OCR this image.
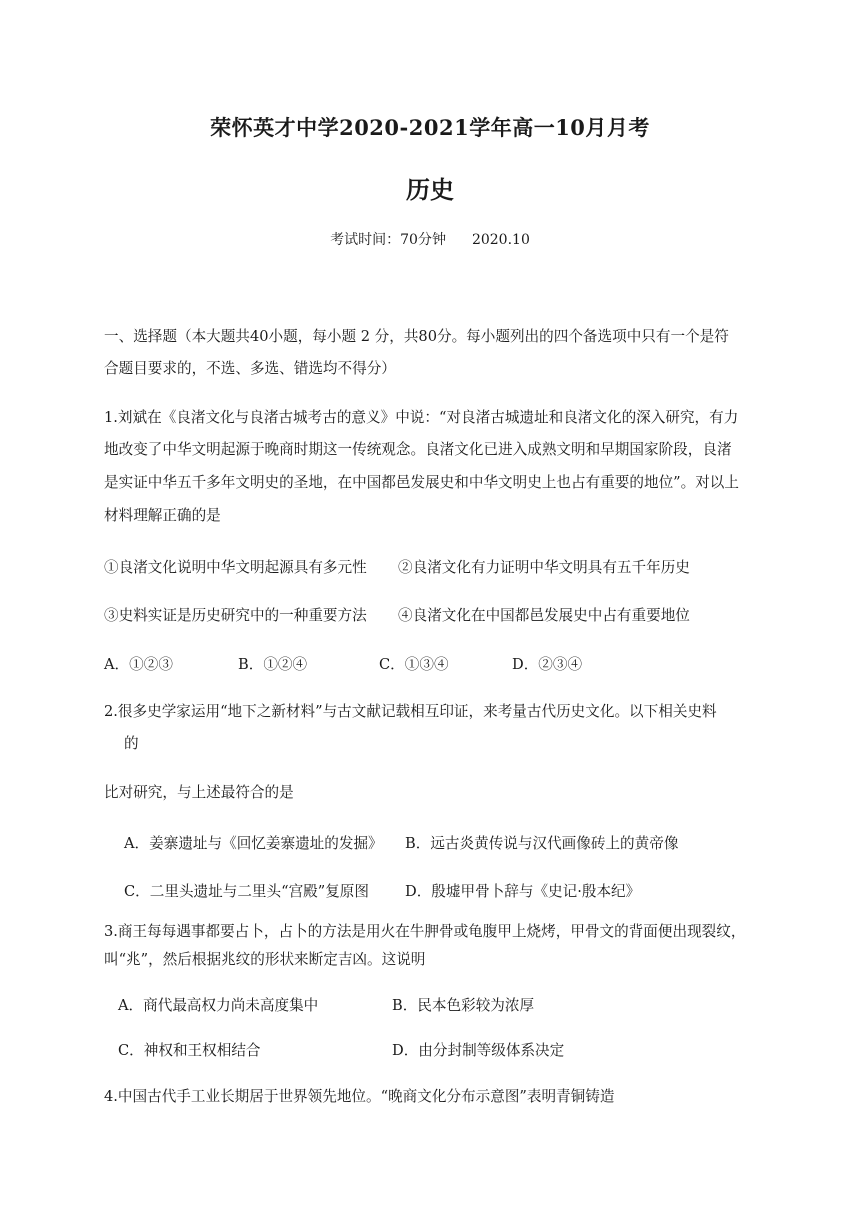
荣怀英才中学2020-2021学年高一10月月考
历史
考试时间：70分钟 2020.10
一、选择题（本大题共40小题，每小题 2 分，共80分。每小题列出的四个备选项中只有一个是符
合题目要求的，不选、多选、错选均不得分）
1.刘斌在《良渚文化与良渚古城考古的意义》中说：“对良渚古城遗址和良渚文化的深入研究，有力
地改变了中华文明起源于晚商时期这一传统观念。良渚文化已进入成熟文明和早期国家阶段，良渚
是实证中华五千多年文明史的圣地，在中国都邑发展史和中华文明史上也占有重要的地位”。对以上
材料理解正确的是
①良渚文化说明中华文明起源具有多元性 ②良渚文化有力证明中华文明具有五千年历史
③史料实证是历史研究中的一种重要方法 ④良渚文化在中国都邑发展史中占有重要地位
A．①②③	B．①②④	C．①③④	D．②③④
2.很多史学家运用“地下之新材料”与古文献记载相互印证，来考量古代历史文化。以下相关史料
的
比对研究，与上述最符合的是
A．姜寨遗址与《回忆姜寨遗址的发掘》 B．远古炎黄传说与汉代画像砖上的黄帝像
C．二里头遗址与二里头“宫殿”复原图 D．殷墟甲骨卜辞与《史记·殷本纪》
3.商王每每遇事都要占卜，占卜的方法是用火在牛胛骨或龟腹甲上烧烤，甲骨文的背面便出现裂纹，
叫“兆”，然后根据兆纹的形状来断定吉凶。这说明
A．商代最高权力尚未高度集中	B．民本色彩较为浓厚
C．神权和王权相结合	D．由分封制等级体系决定
4.中国古代手工业长期居于世界领先地位。“晚商文化分布示意图”表明青铜铸造
